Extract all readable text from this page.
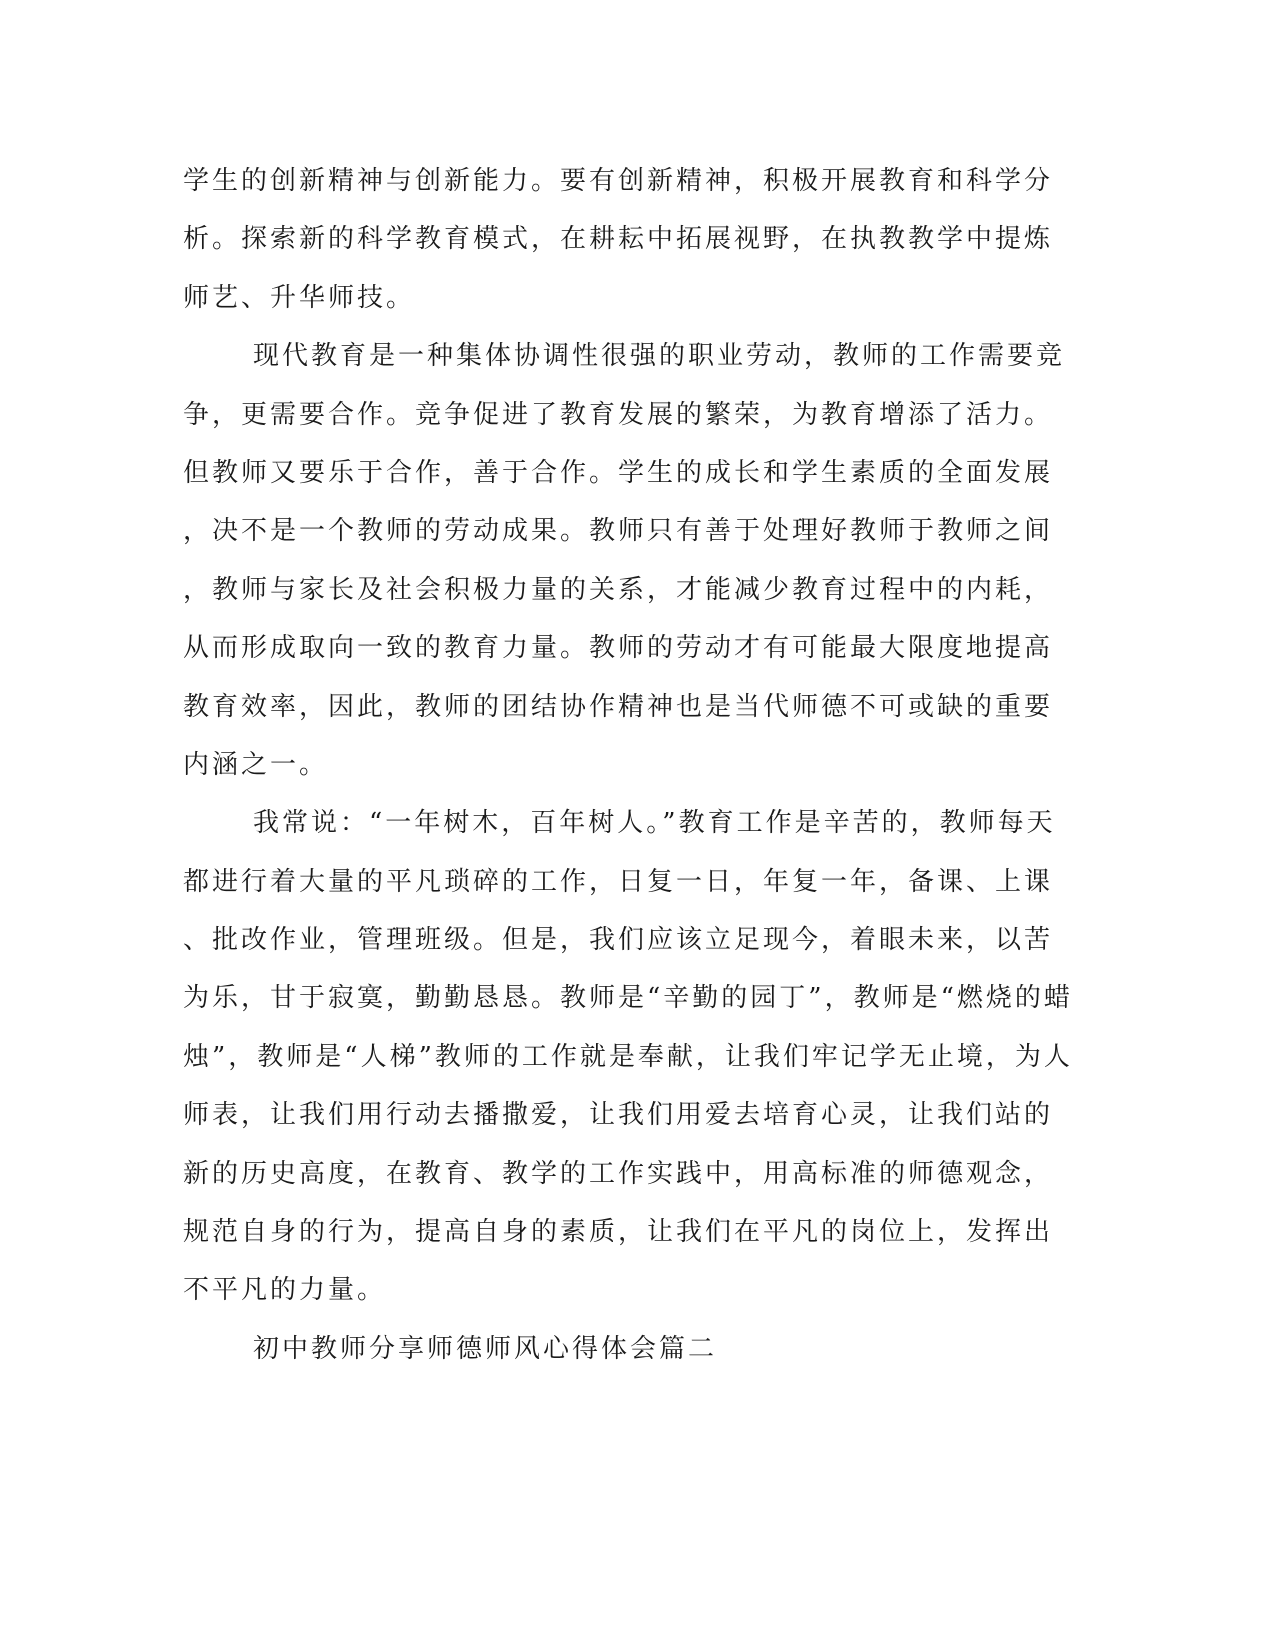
学生的创新精神与创新能力。要有创新精神，积极开展教育和科学分
析。探索新的科学教育模式，在耕耘中拓展视野，在执教教学中提炼
师艺、升华师技。
现代教育是一种集体协调性很强的职业劳动，教师的工作需要竞
争，更需要合作。竞争促进了教育发展的繁荣，为教育增添了活力。
但教师又要乐于合作，善于合作。学生的成长和学生素质的全面发展
，决不是一个教师的劳动成果。教师只有善于处理好教师于教师之间
，教师与家长及社会积极力量的关系，才能减少教育过程中的内耗，
从而形成取向一致的教育力量。教师的劳动才有可能最大限度地提高
教育效率，因此，教师的团结协作精神也是当代师德不可或缺的重要
内涵之一。
我常说：“一年树木，百年树人。”教育工作是辛苦的，教师每天
都进行着大量的平凡琐碎的工作，日复一日，年复一年，备课、上课
、批改作业，管理班级。但是，我们应该立足现今，着眼未来，以苦
为乐，甘于寂寞，勤勤恳恳。教师是“辛勤的园丁”，教师是“燃烧的蜡
烛”，教师是“人梯”教师的工作就是奉献，让我们牢记学无止境，为人
师表，让我们用行动去播撒爱，让我们用爱去培育心灵，让我们站的
新的历史高度，在教育、教学的工作实践中，用高标准的师德观念，
规范自身的行为，提高自身的素质，让我们在平凡的岗位上，发挥出
不平凡的力量。
初中教师分享师德师风心得体会篇二
